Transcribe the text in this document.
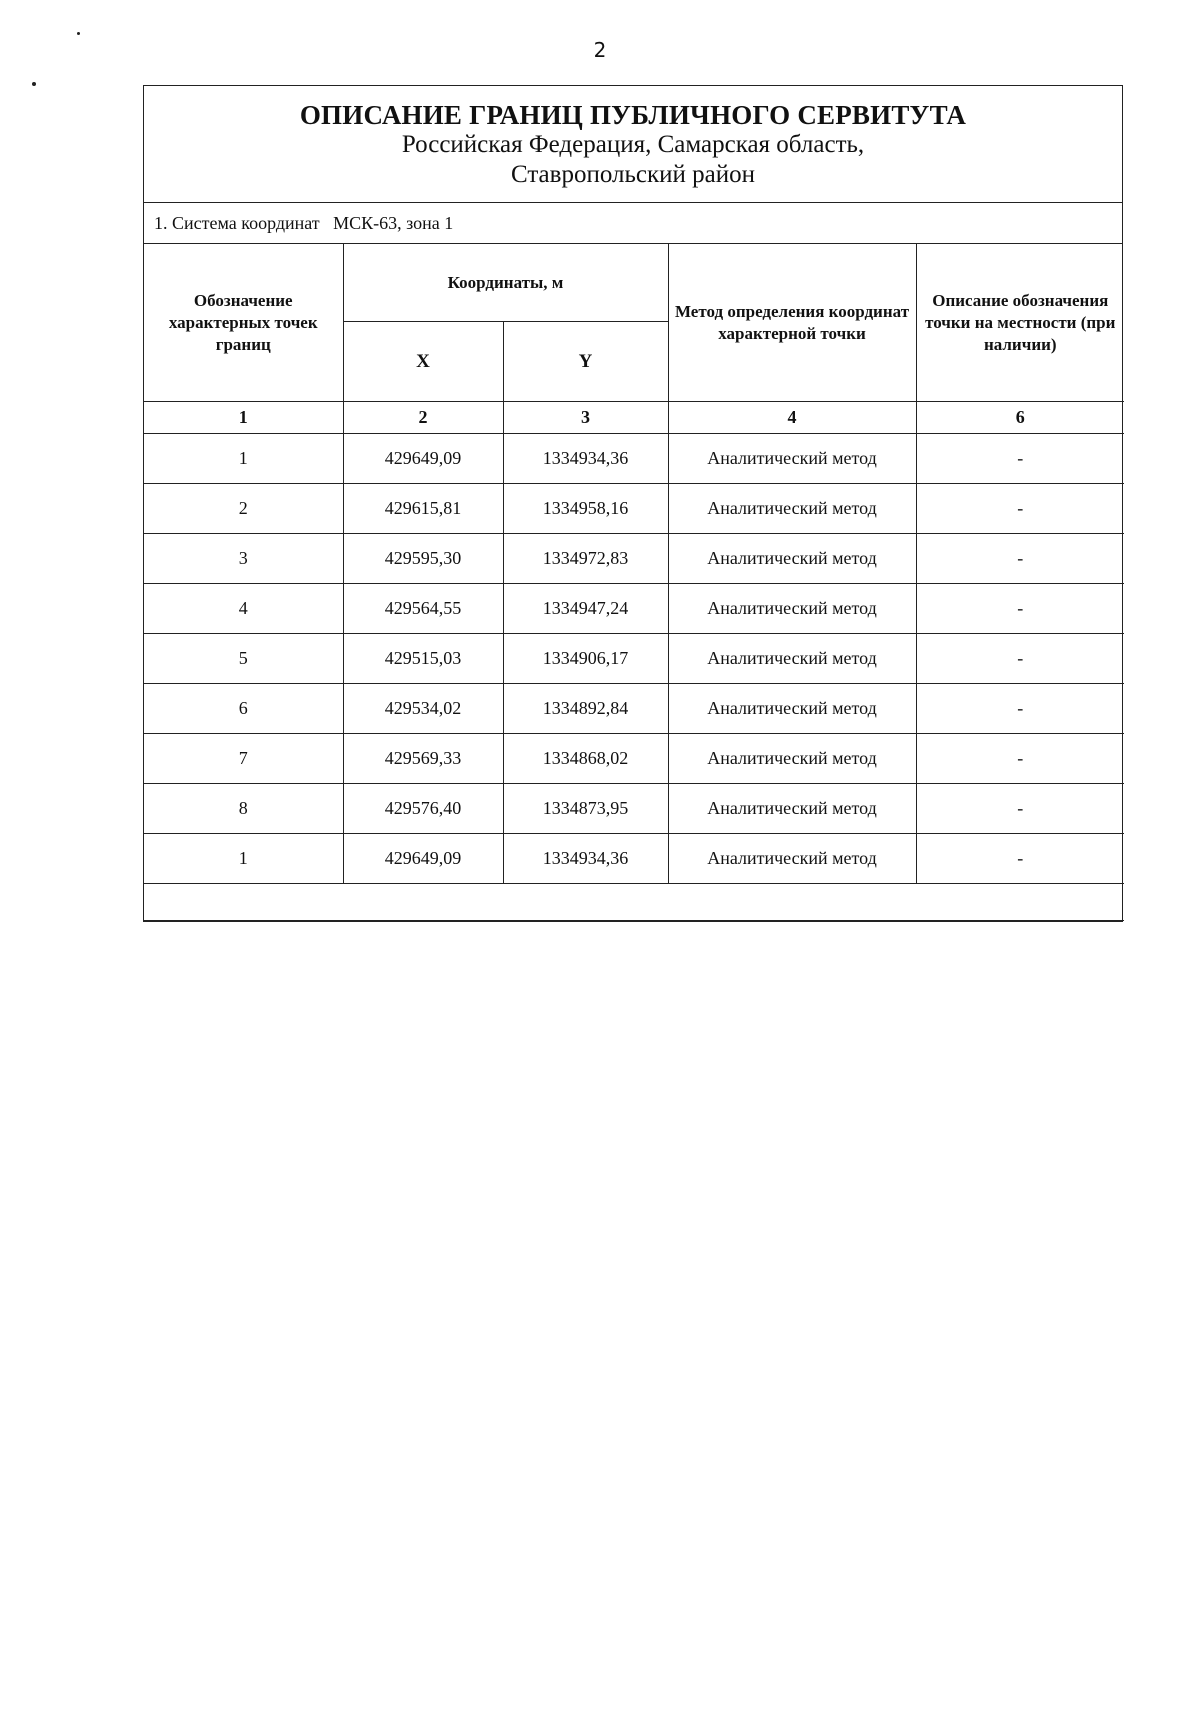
2
ОПИСАНИЕ ГРАНИЦ ПУБЛИЧНОГО СЕРВИТУТА
Российская Федерация, Самарская область,
Ставропольский район
1. Система координат   МСК-63, зона 1
Обозначение характерных точек границ	Координаты, м		Метод определения координат характерной точки	Описание обозначения точки на местности (при наличии)
	X	Y		
1	2	3	4	6
1	429649,09	1334934,36	Аналитический метод	-
2	429615,81	1334958,16	Аналитический метод	-
3	429595,30	1334972,83	Аналитический метод	-
4	429564,55	1334947,24	Аналитический метод	-
5	429515,03	1334906,17	Аналитический метод	-
6	429534,02	1334892,84	Аналитический метод	-
7	429569,33	1334868,02	Аналитический метод	-
8	429576,40	1334873,95	Аналитический метод	-
1	429649,09	1334934,36	Аналитический метод	-
